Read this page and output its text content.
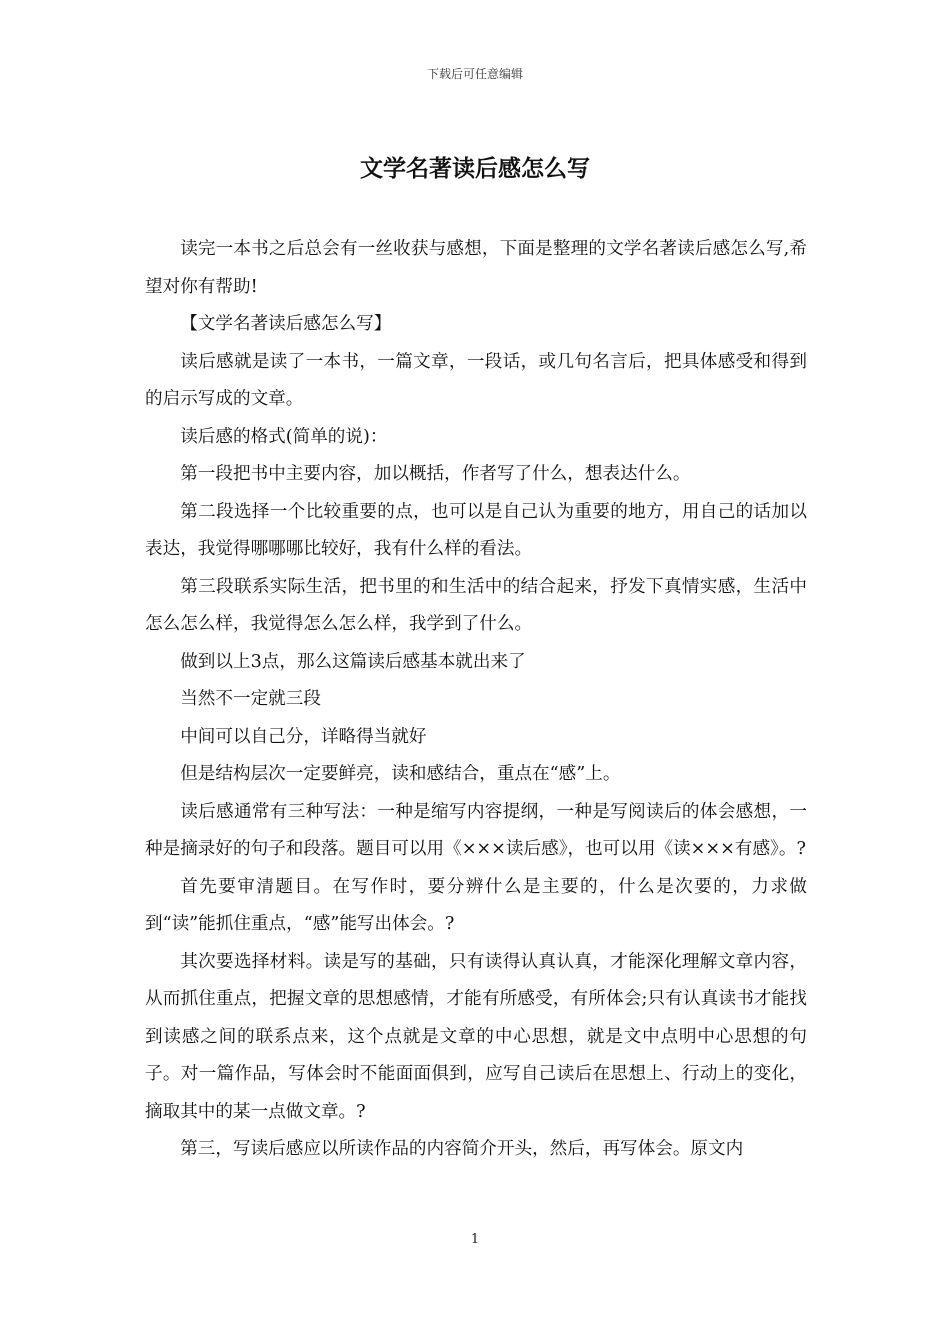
下载后可任意编辑
文学名著读后感怎么写

读完一本书之后总会有一丝收获与感想，下面是整理的文学名著读后感怎么写,希望对你有帮助!

【文学名著读后感怎么写】

读后感就是读了一本书，一篇文章，一段话，或几句名言后，把具体感受和得到的启示写成的文章。

读后感的格式(简单的说)：

第一段把书中主要内容，加以概括，作者写了什么，想表达什么。

第二段选择一个比较重要的点，也可以是自己认为重要的地方，用自己的话加以表达，我觉得哪哪哪比较好，我有什么样的看法。

第三段联系实际生活，把书里的和生活中的结合起来，抒发下真情实感，生活中怎么怎么样，我觉得怎么怎么样，我学到了什么。

做到以上3点，那么这篇读后感基本就出来了

当然不一定就三段

中间可以自己分，详略得当就好

但是结构层次一定要鲜亮，读和感结合，重点在“感”上。

读后感通常有三种写法：一种是缩写内容提纲，一种是写阅读后的体会感想，一种是摘录好的句子和段落。题目可以用《×××读后感》，也可以用《读×××有感》。?

首先要审清题目。在写作时，要分辨什么是主要的，什么是次要的，力求做到“读”能抓住重点，“感”能写出体会。?

其次要选择材料。读是写的基础，只有读得认真认真，才能深化理解文章内容，从而抓住重点，把握文章的思想感情，才能有所感受，有所体会;只有认真读书才能找到读感之间的联系点来，这个点就是文章的中心思想，就是文中点明中心思想的句子。对一篇作品，写体会时不能面面俱到，应写自己读后在思想上、行动上的变化，摘取其中的某一点做文章。?

第三，写读后感应以所读作品的内容简介开头，然后，再写体会。原文内

1
